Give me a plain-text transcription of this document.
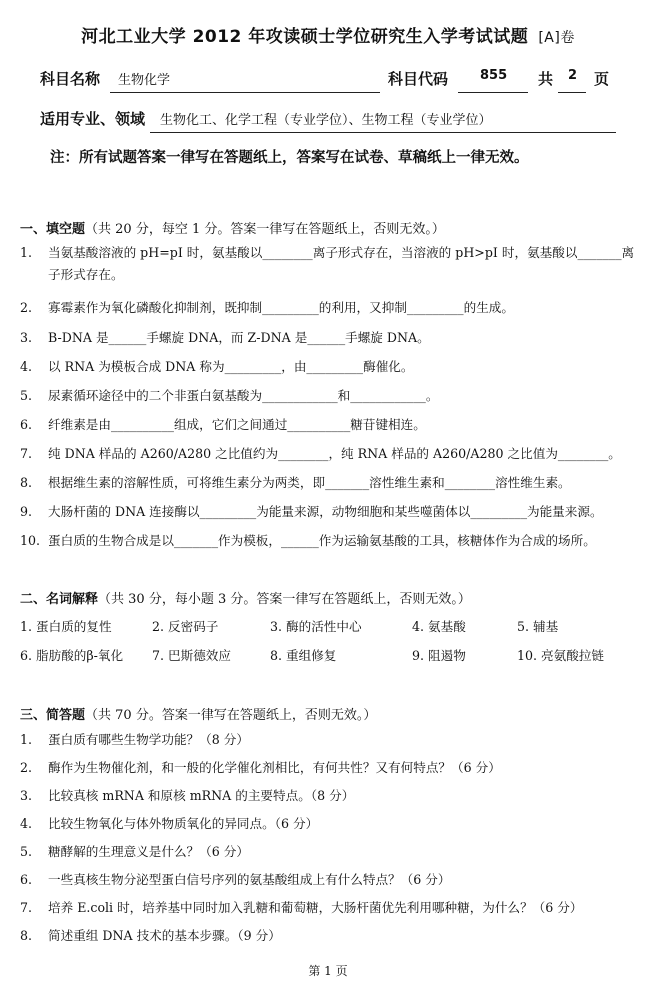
河北工业大学 2012 年攻读硕士学位研究生入学考试试题 [A]卷
科目名称 生物化学	科目代码 855 共 2 页
适用专业、领域 生物化工、化学工程（专业学位）、生物工程（专业学位）
注：所有试题答案一律写在答题纸上，答案写在试卷、草稿纸上一律无效。
一、填空题（共 20 分，每空 1 分。答案一律写在答题纸上，否则无效。）
1.	当氨基酸溶液的 pH=pI 时，氨基酸以________离子形式存在，当溶液的 pH>pI 时，氨基酸以_______离子形式存在。
2.	寡霉素作为氧化磷酸化抑制剂，既抑制_________的利用，又抑制_________的生成。
3.	B-DNA 是______手螺旋 DNA，而 Z-DNA 是______手螺旋 DNA。
4.	以 RNA 为模板合成 DNA 称为_________，由_________酶催化。
5.	尿素循环途径中的二个非蛋白氨基酸为____________和____________。
6.	纤维素是由__________组成，它们之间通过__________糖苷键相连。
7.	纯 DNA 样品的 A260/A280 之比值约为________，纯 RNA 样品的 A260/A280 之比值为________。
8.	根据维生素的溶解性质，可将维生素分为两类，即_______溶性维生素和________溶性维生素。
9.	大肠杆菌的 DNA 连接酶以_________为能量来源，动物细胞和某些噬菌体以_________为能量来源。
10. 蛋白质的生物合成是以_______作为模板，______作为运输氨基酸的工具，核糖体作为合成的场所。
二、名词解释（共 30 分，每小题 3 分。答案一律写在答题纸上，否则无效。）
1. 蛋白质的复性	2. 反密码子	3. 酶的活性中心	4. 氨基酸	5. 辅基
6. 脂肪酸的β-氧化 7. 巴斯德效应	8. 重组修复	9. 阻遏物	10. 亮氨酸拉链
三、简答题（共 70 分。答案一律写在答题纸上，否则无效。）
1.	蛋白质有哪些生物学功能？（8 分）
2.	酶作为生物催化剂，和一般的化学催化剂相比，有何共性？又有何特点？（6 分）
3.	比较真核 mRNA 和原核 mRNA 的主要特点。（8 分）
4.	比较生物氧化与体外物质氧化的异同点。（6 分）
5.	糖酵解的生理意义是什么？（6 分）
6.	一些真核生物分泌型蛋白信号序列的氨基酸组成上有什么特点？（6 分）
7.	培养 E.coli 时，培养基中同时加入乳糖和葡萄糖，大肠杆菌优先利用哪种糖，为什么？（6 分）
8.	简述重组 DNA 技术的基本步骤。（9 分）
第 1 页
